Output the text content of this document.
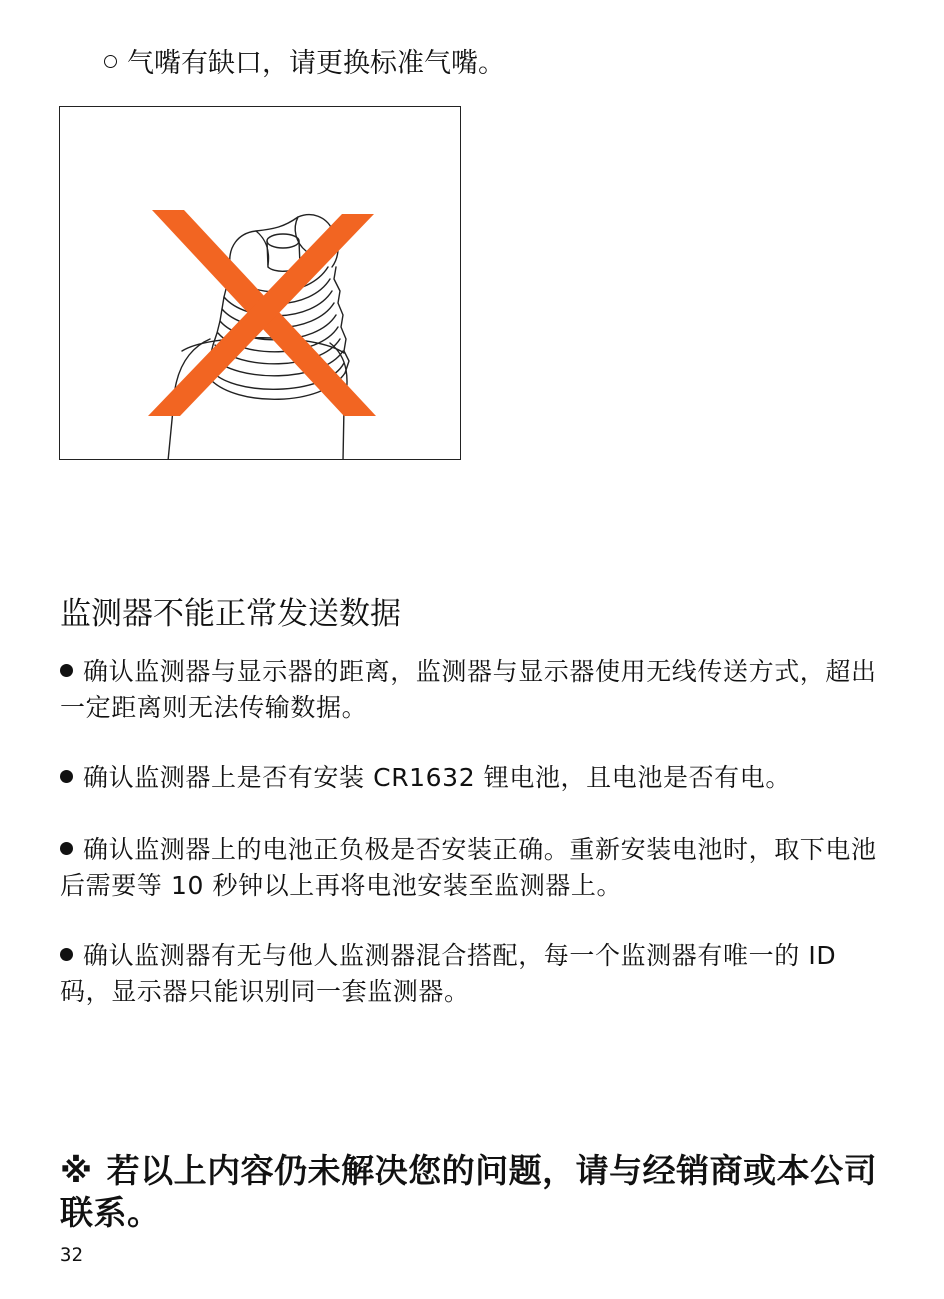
气嘴有缺口，请更换标准气嘴。
监测器不能正常发送数据
确认监测器与显示器的距离，监测器与显示器使用无线传送方式，超出一定距离则无法传输数据。
确认监测器上是否有安装 CR1632 锂电池，且电池是否有电。
确认监测器上的电池正负极是否安装正确。重新安装电池时，取下电池后需要等 10 秒钟以上再将电池安装至监测器上。
确认监测器有无与他人监测器混合搭配，每一个监测器有唯一的 ID 码，显示器只能识别同一套监测器。
※ 若以上内容仍未解决您的问题，请与经销商或本公司联系。
32
